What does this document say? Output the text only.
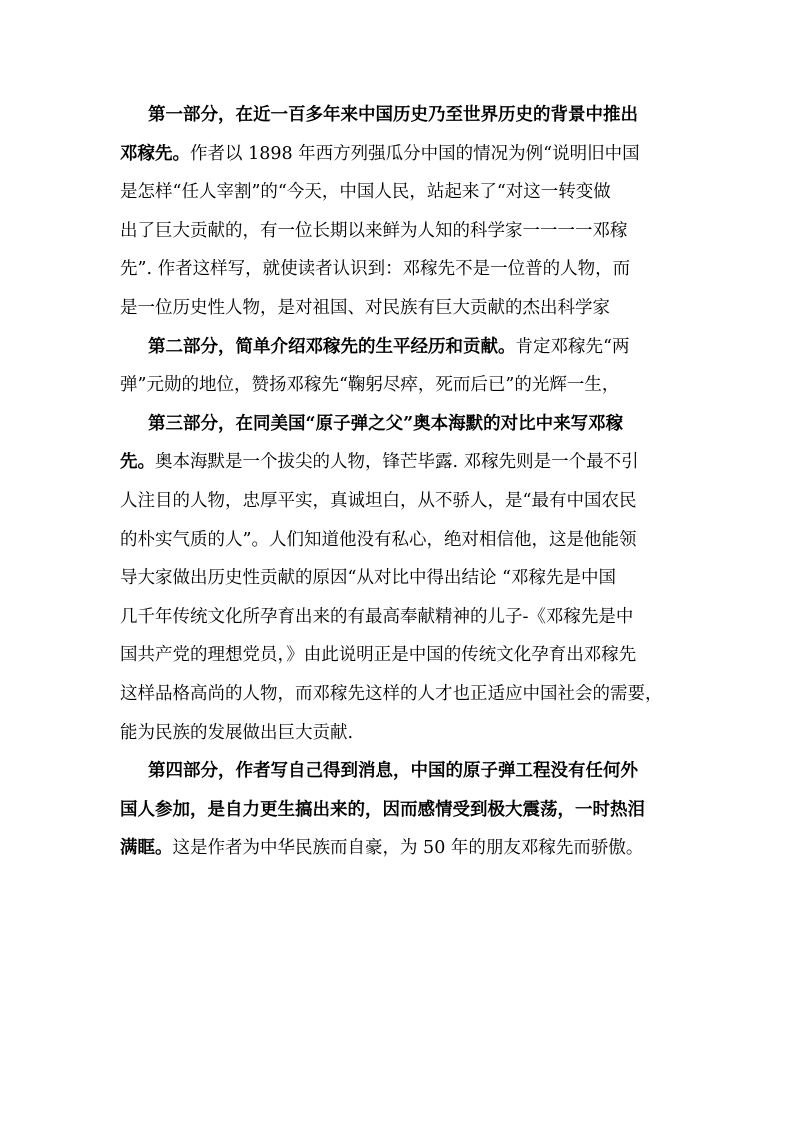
第一部分，在近一百多年来中国历史乃至世界历史的背景中推出
邓稼先。作者以 1898 年西方列强瓜分中国的情况为例“说明旧中国
是怎样“任人宰割”的“今天，中国人民，站起来了“对这一转变做
出了巨大贡献的，有一位长期以来鲜为人知的科学家一一一一邓稼
先”. 作者这样写，就使读者认识到：邓稼先不是一位普的人物，而
是一位历史性人物，是对祖国、对民族有巨大贡献的杰出科学家
第二部分，简单介绍邓稼先的生平经历和贡献。肯定邓稼先“两
弹”元勋的地位，赞扬邓稼先“鞠躬尽瘁，死而后已”的光辉一生，
第三部分，在同美国“原子弹之父”奥本海默的对比中来写邓稼
先。奥本海默是一个拔尖的人物，锋芒毕露. 邓稼先则是一个最不引
人注目的人物，忠厚平实，真诚坦白，从不骄人，是“最有中国农民
的朴实气质的人”。人们知道他没有私心，绝对相信他，这是他能领
导大家做出历史性贡献的原因“从对比中得出结论 “邓稼先是中国
几千年传统文化所孕育出来的有最高奉献精神的儿子-《邓稼先是中
国共产党的理想党员，》由此说明正是中国的传统文化孕育出邓稼先
这样品格高尚的人物，而邓稼先这样的人才也正适应中国社会的需要，
能为民族的发展做出巨大贡献.
第四部分，作者写自己得到消息，中国的原子弹工程没有任何外
国人参加，是自力更生搞出来的，因而感情受到极大震荡，一时热泪
满眶。这是作者为中华民族而自豪，为 50 年的朋友邓稼先而骄傲。
